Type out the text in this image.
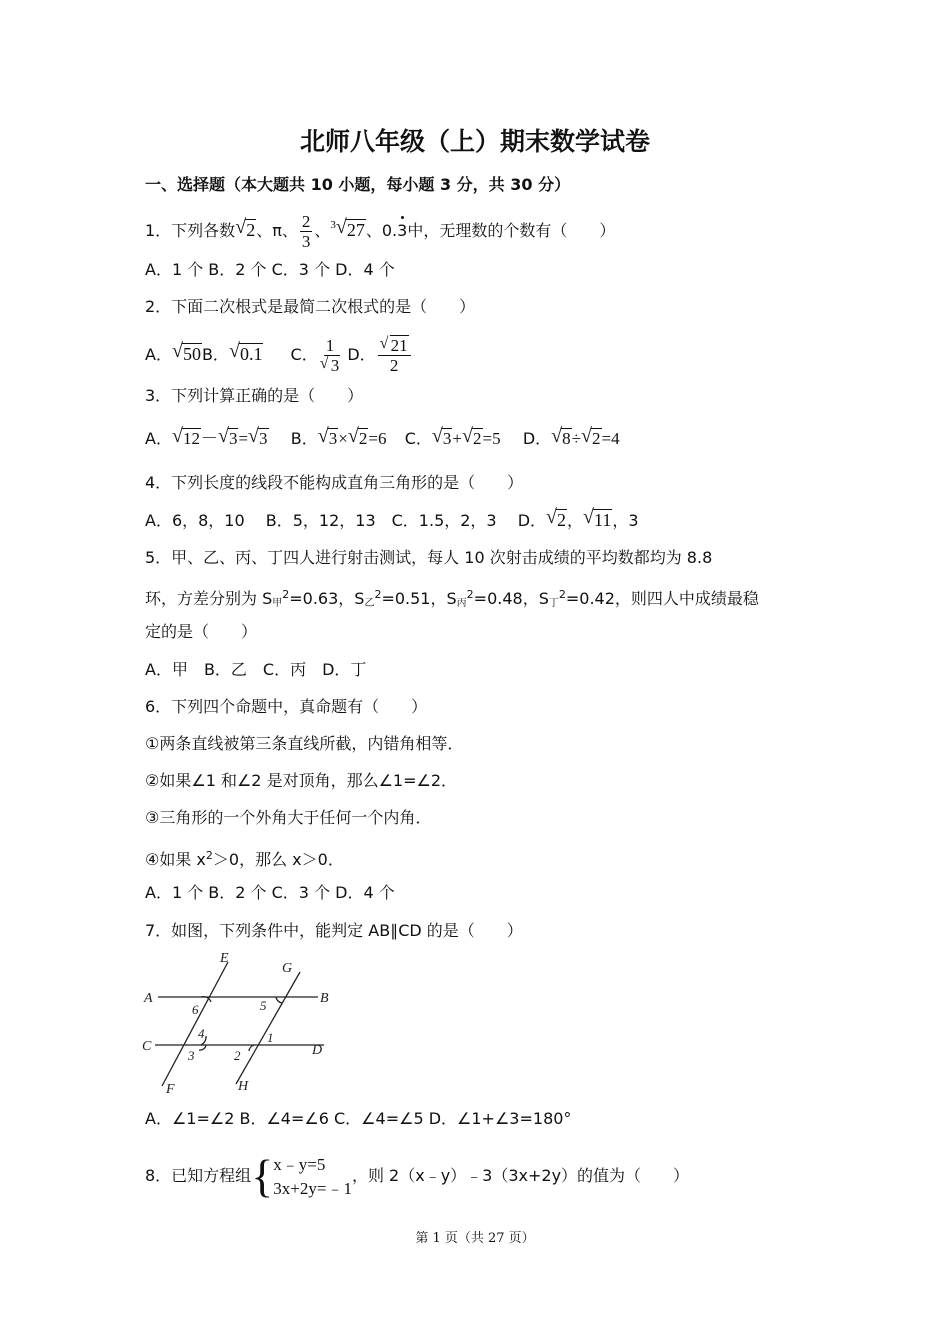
北师八年级（上）期末数学试卷
一、选择题（本大题共 10 小题，每小题 3 分，共 30 分）
1．下列各数 √ 2、π、 $\frac{2}{3}$ 、$^3$ √ 27、0.3中，无理数的个数有（　　）
A．1 个 B．2 个 C．3 个 D．4 个
2．下面二次根式是最简二次根式的是（　　）
A． √ 50B． √ 0.1 C． $\frac{1}{√ 3}$ D． $\frac{√ 21}{2}$
3．下列计算正确的是（　　）
A． √ 12－ √ 3= √ 3 B． √ 3× √ 2=6 C． √ 3+ √ 2=5 D． √ 8÷ √ 2=4
4．下列长度的线段不能构成直角三角形的是（　　）
A．6，8，10　 B．5，12，13　C．1.5，2，3　 D． √ 2， √ 11，3
5．甲、乙、丙、丁四人进行射击测试，每人 10 次射击成绩的平均数都均为 8.8
环，方差分别为 $S_甲^2=0.63$，$S_乙^2=0.51$，$S_丙^2=0.48$，$S_丁^2=0.42$，则四人中成绩最稳
定的是（　　）
A．甲　B．乙　C．丙　D．丁
6．下列四个命题中，真命题有（　　）
①两条直线被第三条直线所截，内错角相等．
②如果∠1 和∠2 是对顶角，那么∠1=∠2．
③三角形的一个外角大于任何一个内角．
④如果 $x^2>0$，那么 x＞0．
A．1 个 B．2 个 C．3 个 D．4 个
7．如图，下列条件中，能判定 AB∥CD 的是（　　）
E
G
A	B
C	D
F	H
6	5
4	1
3	2
A．∠1=∠2 B．∠4=∠6 C．∠4=∠5 D．∠1+∠3=180°
8．已知方程组{ x﹣y=5
3x+2y=﹣1
，则 2（x﹣y）﹣3（3x+2y）的值为（　　）
第 1 页（共 27 页）
